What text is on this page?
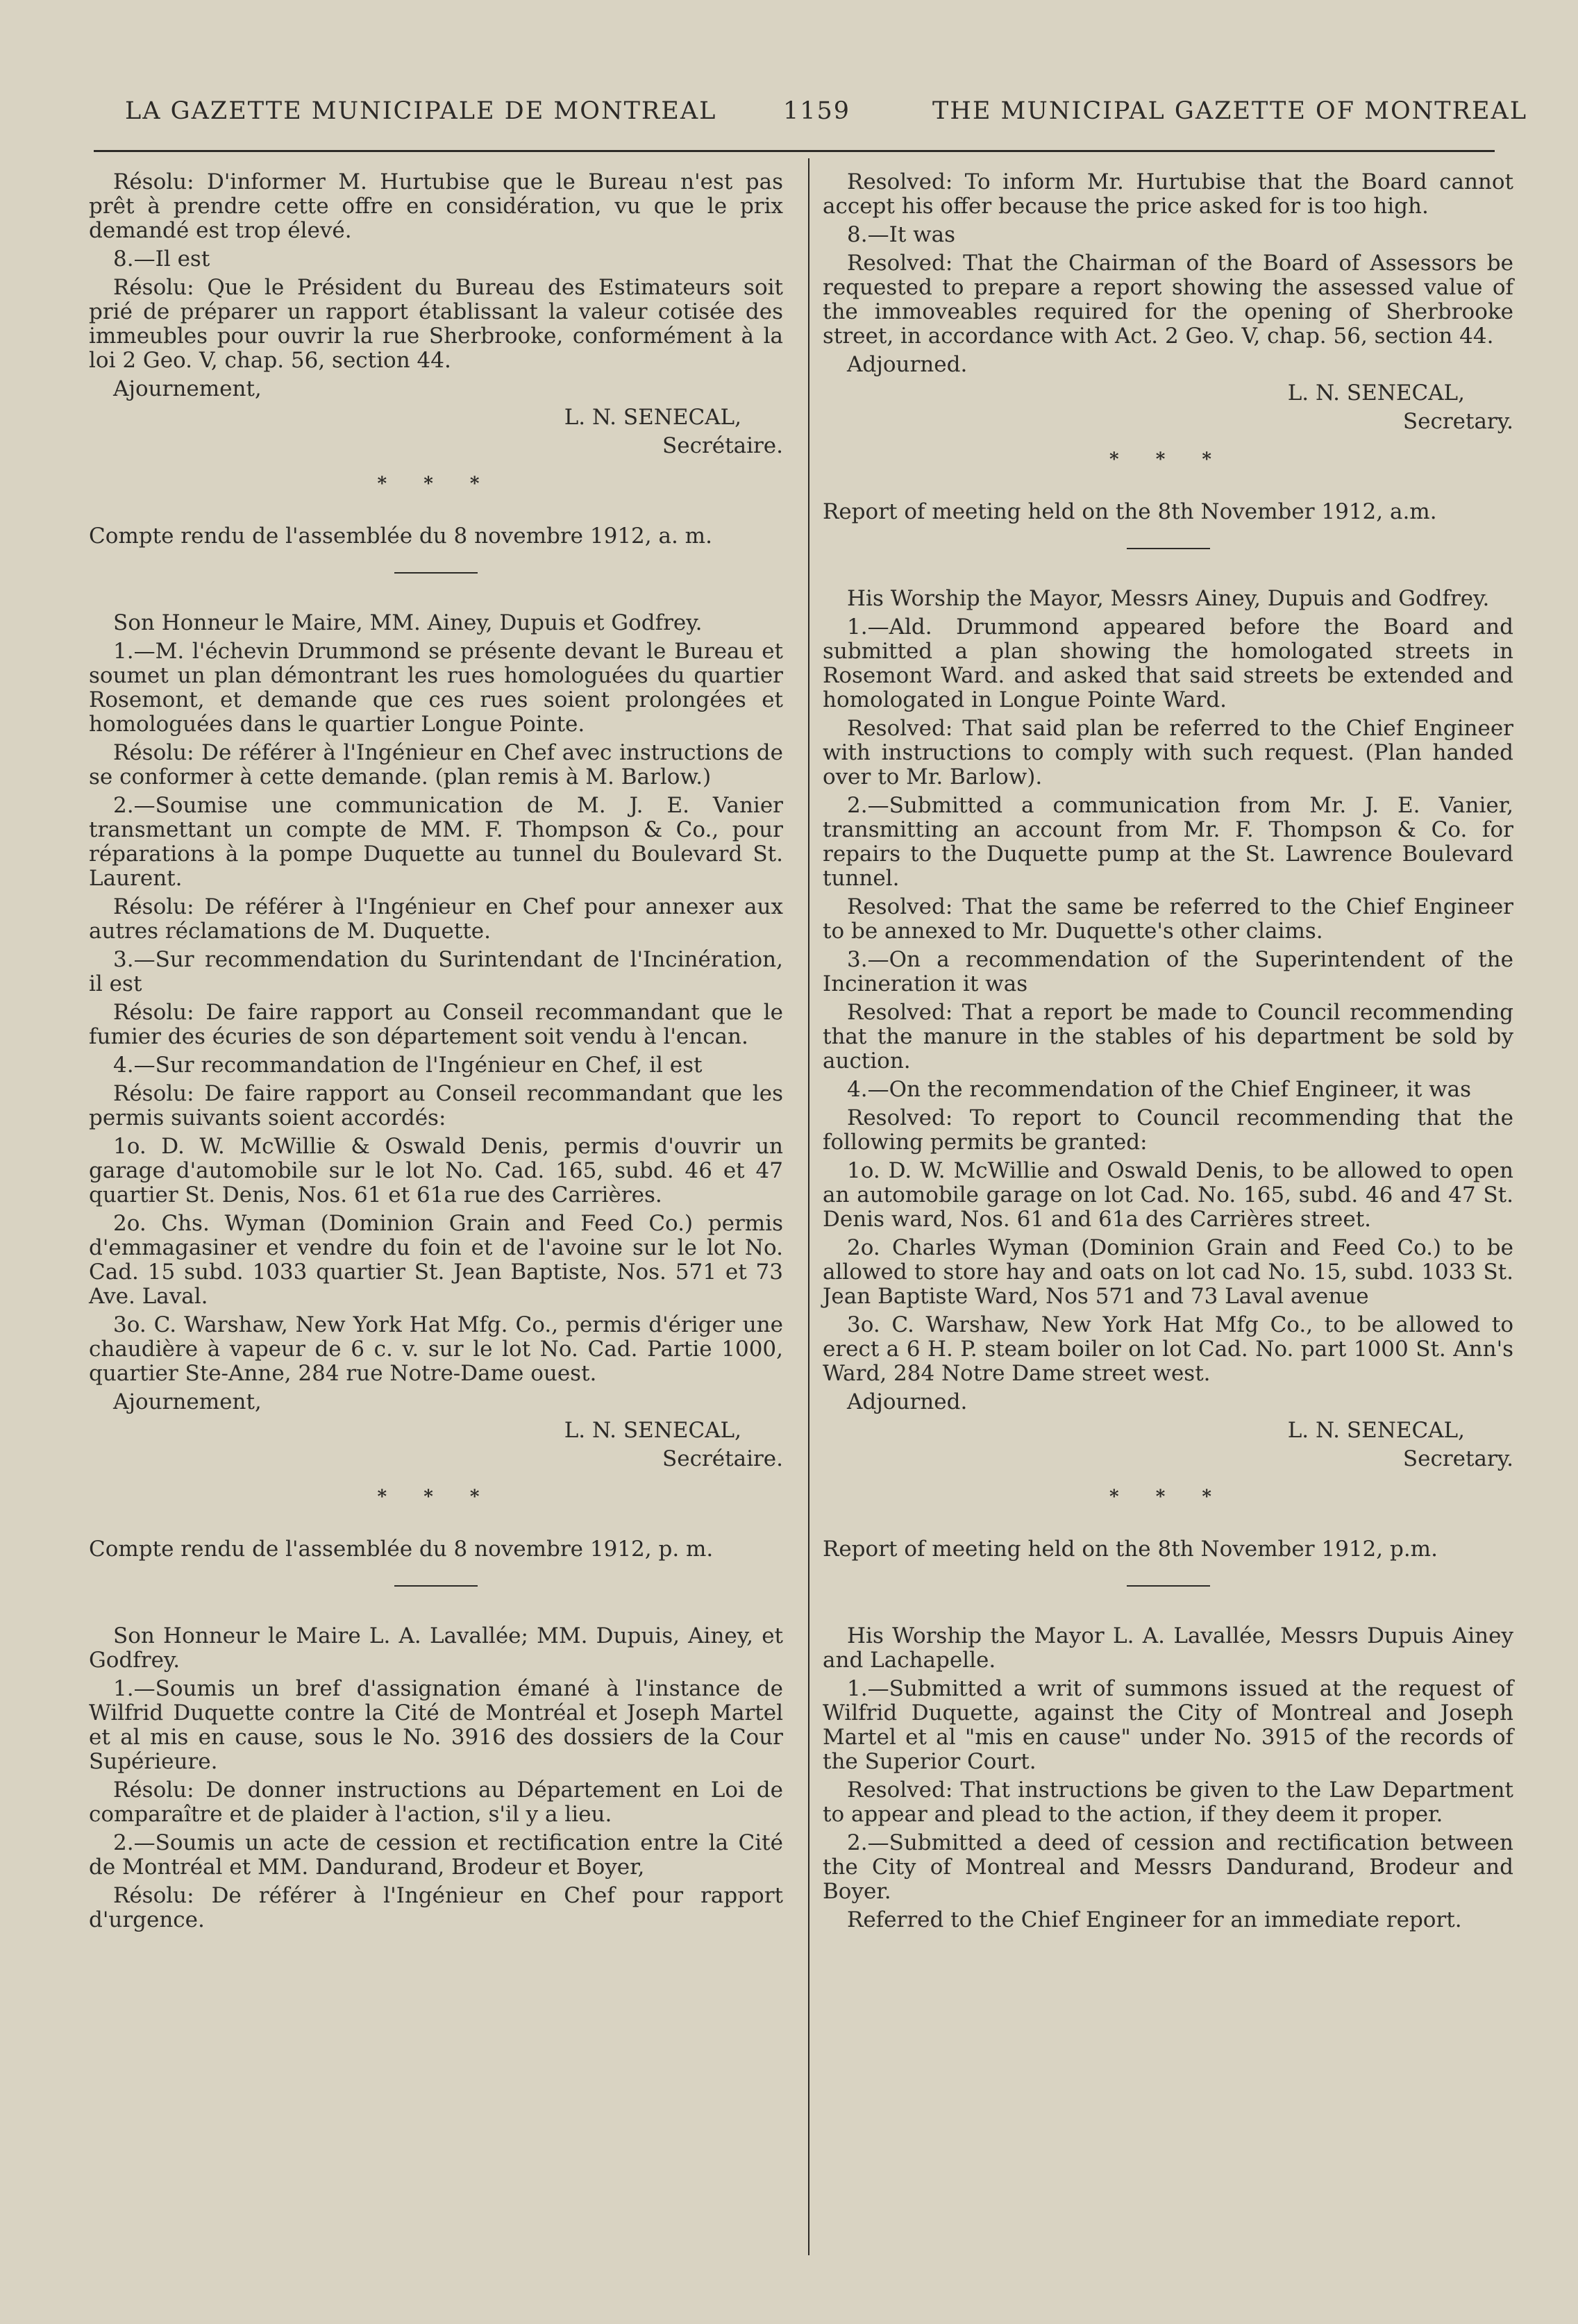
LA GAZETTE MUNICIPALE DE MONTREAL	1159	THE MUNICIPAL GAZETTE OF MONTREAL

Résolu: D'informer M. Hurtubise que le Bureau n'est pas prêt à prendre cette offre en considération, vu que le prix demandé est trop élevé.

8.—Il est

Résolu: Que le Président du Bureau des Estimateurs soit prié de préparer un rapport établissant la valeur cotisée des immeubles pour ouvrir la rue Sherbrooke, conformément à la loi 2 Geo. V, chap. 56, section 44.

Ajournement,

L. N. SENECAL,

Secrétaire.

* * *

Compte rendu de l'assemblée du 8 novembre 1912, a. m.

Son Honneur le Maire, MM. Ainey, Dupuis et Godfrey.

1.—M. l'échevin Drummond se présente devant le Bureau et soumet un plan démontrant les rues homologuées du quartier Rosemont, et demande que ces rues soient prolongées et homologuées dans le quartier Longue Pointe.

Résolu: De référer à l'Ingénieur en Chef avec instructions de se conformer à cette demande. (plan remis à M. Barlow.)

2.—Soumise une communication de M. J. E. Vanier transmettant un compte de MM. F. Thompson & Co., pour réparations à la pompe Duquette au tunnel du Boulevard St. Laurent.

Résolu: De référer à l'Ingénieur en Chef pour annexer aux autres réclamations de M. Duquette.

3.—Sur recommendation du Surintendant de l'Incinération, il est

Résolu: De faire rapport au Conseil recommandant que le fumier des écuries de son département soit vendu à l'encan.

4.—Sur recommandation de l'Ingénieur en Chef, il est

Résolu: De faire rapport au Conseil recommandant que les permis suivants soient accordés:

1o. D. W. McWillie & Oswald Denis, permis d'ouvrir un garage d'automobile sur le lot No. Cad. 165, subd. 46 et 47 quartier St. Denis, Nos. 61 et 61a rue des Carrières.

2o. Chs. Wyman (Dominion Grain and Feed Co.) permis d'emmagasiner et vendre du foin et de l'avoine sur le lot No. Cad. 15 subd. 1033 quartier St. Jean Baptiste, Nos. 571 et 73 Ave. Laval.

3o. C. Warshaw, New York Hat Mfg. Co., permis d'ériger une chaudière à vapeur de 6 c. v. sur le lot No. Cad. Partie 1000, quartier Ste-Anne, 284 rue Notre-Dame ouest.

Ajournement,

L. N. SENECAL,

Secrétaire.

* * *

Compte rendu de l'assemblée du 8 novembre 1912, p. m.

Son Honneur le Maire L. A. Lavallée; MM. Dupuis, Ainey, et Godfrey.

1.—Soumis un bref d'assignation émané à l'instance de Wilfrid Duquette contre la Cité de Montréal et Joseph Martel et al mis en cause, sous le No. 3916 des dossiers de la Cour Supérieure.

Résolu: De donner instructions au Département en Loi de comparaître et de plaider à l'action, s'il y a lieu.

2.—Soumis un acte de cession et rectification entre la Cité de Montréal et MM. Dandurand, Brodeur et Boyer,

Résolu: De référer à l'Ingénieur en Chef pour rapport d'urgence.

Resolved: To inform Mr. Hurtubise that the Board cannot accept his offer because the price asked for is too high.

8.—It was

Resolved: That the Chairman of the Board of Assessors be requested to prepare a report showing the assessed value of the immoveables required for the opening of Sherbrooke street, in accordance with Act. 2 Geo. V, chap. 56, section 44.

Adjourned.

L. N. SENECAL,

Secretary.

* * *

Report of meeting held on the 8th November 1912, a.m.

His Worship the Mayor, Messrs Ainey, Dupuis and Godfrey.

1.—Ald. Drummond appeared before the Board and submitted a plan showing the homologated streets in Rosemont Ward. and asked that said streets be extended and homologated in Longue Pointe Ward.

Resolved: That said plan be referred to the Chief Engineer with instructions to comply with such request. (Plan handed over to Mr. Barlow).

2.—Submitted a communication from Mr. J. E. Vanier, transmitting an account from Mr. F. Thompson & Co. for repairs to the Duquette pump at the St. Lawrence Boulevard tunnel.

Resolved: That the same be referred to the Chief Engineer to be annexed to Mr. Duquette's other claims.

3.—On a recommendation of the Superintendent of the Incineration it was

Resolved: That a report be made to Council recommending that the manure in the stables of his department be sold by auction.

4.—On the recommendation of the Chief Engineer, it was

Resolved: To report to Council recommending that the following permits be granted:

1o. D. W. McWillie and Oswald Denis, to be allowed to open an automobile garage on lot Cad. No. 165, subd. 46 and 47 St. Denis ward, Nos. 61 and 61a des Carrières street.

2o. Charles Wyman (Dominion Grain and Feed Co.) to be allowed to store hay and oats on lot cad No. 15, subd. 1033 St. Jean Baptiste Ward, Nos 571 and 73 Laval avenue

3o. C. Warshaw, New York Hat Mfg Co., to be allowed to erect a 6 H. P. steam boiler on lot Cad. No. part 1000 St. Ann's Ward, 284 Notre Dame street west.

Adjourned.

L. N. SENECAL,

Secretary.

* * *

Report of meeting held on the 8th November 1912, p.m.

His Worship the Mayor L. A. Lavallée, Messrs Dupuis Ainey and Lachapelle.

1.—Submitted a writ of summons issued at the request of Wilfrid Duquette, against the City of Montreal and Joseph Martel et al "mis en cause" under No. 3915 of the records of the Superior Court.

Resolved: That instructions be given to the Law Department to appear and plead to the action, if they deem it proper.

2.—Submitted a deed of cession and rectification between the City of Montreal and Messrs Dandurand, Brodeur and Boyer.

Referred to the Chief Engineer for an immediate report.
